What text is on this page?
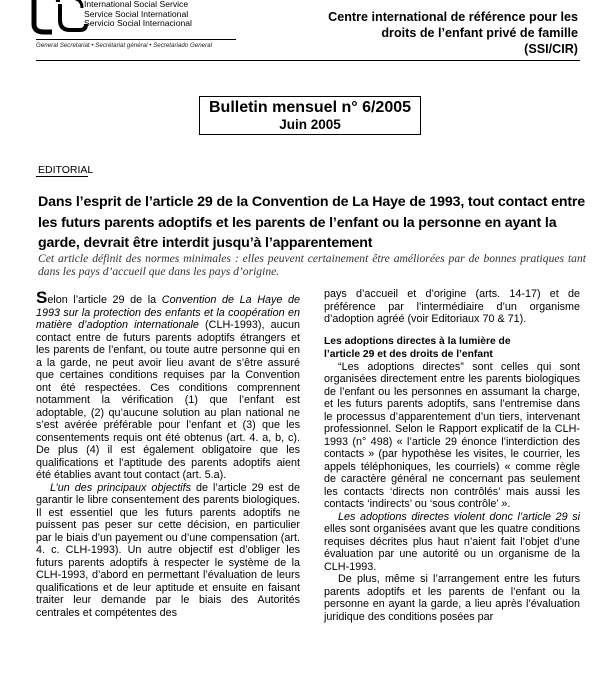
International Social Service
Service Social International
Servicio Social Internacional
General Secretariat • Secrétariat général • Secretariado General
Centre international de référence pour les
droits de l’enfant privé de famille
(SSI/CIR)
Bulletin mensuel n° 6/2005
Juin 2005
EDITORIAL
Dans l’esprit de l’article 29 de la Convention de La Haye de 1993, tout contact entre les futurs parents adoptifs et les parents de l’enfant ou la personne en ayant la garde, devrait être interdit jusqu’à l’apparentement
Cet article définit des normes minimales : elles peuvent certainement être améliorées par de bonnes pratiques tant dans les pays d’accueil que dans les pays d’origine.

Selon l’article 29 de la Convention de La Haye de 1993 sur la protection des enfants et la coopération en matière d’adoption internationale (CLH-1993), aucun contact entre de futurs parents adoptifs étrangers et les parents de l’enfant, ou toute autre personne qui en a la garde, ne peut avoir lieu avant de s’être assuré que certaines conditions requises par la Convention ont été respectées. Ces conditions comprennent notamment la vérification (1) que l’enfant est adoptable, (2) qu’aucune solution au plan national ne s’est avérée préférable pour l’enfant et (3) que les consentements requis ont été obtenus (art. 4. a, b, c). De plus (4) il est également obligatoire que les qualifications et l’aptitude des parents adoptifs aient été établies avant tout contact (art. 5.a).

L’un des principaux objectifs de l’article 29 est de garantir le libre consentement des parents biologiques. Il est essentiel que les futurs parents adoptifs ne puissent pas peser sur cette décision, en particulier par le biais d’un payement ou d’une compensation (art. 4. c. CLH-1993). Un autre objectif est d’obliger les futurs parents adoptifs à respecter le système de la CLH-1993, d’abord en permettant l’évaluation de leurs qualifications et de leur aptitude et ensuite en faisant traiter leur demande par le biais des Autorités centrales et compétentes des

pays d’accueil et d’origine (arts. 14-17) et de préférence par l’intermédiaire d’un organisme d’adoption agréé (voir Editoriaux 70 & 71).

Les adoptions directes à la lumière de
l’article 29 et des droits de l’enfant

“Les adoptions directes” sont celles qui sont organisées directement entre les parents biologiques de l’enfant ou les personnes en assumant la charge, et les futurs parents adoptifs, sans l’entremise dans le processus d’apparentement d’un tiers, intervenant professionnel. Selon le Rapport explicatif de la CLH-1993 (n° 498) « l’article 29 énonce l’interdiction des contacts » (par hypothèse les visites, le courrier, les appels téléphoniques, les courriels) « comme règle de caractère général ne concernant pas seulement les contacts ‘directs non contrôlés’ mais aussi les contacts ‘indirects’ ou ‘sous contrôle’ ».

Les adoptions directes violent donc l’article 29 si elles sont organisées avant que les quatre conditions requises décrites plus haut n’aient fait l’objet d’une évaluation par une autorité ou un organisme de la CLH-1993.

De plus, même si l’arrangement entre les futurs parents adoptifs et les parents de l’enfant ou la personne en ayant la garde, a lieu après l’évaluation juridique des conditions posées par
